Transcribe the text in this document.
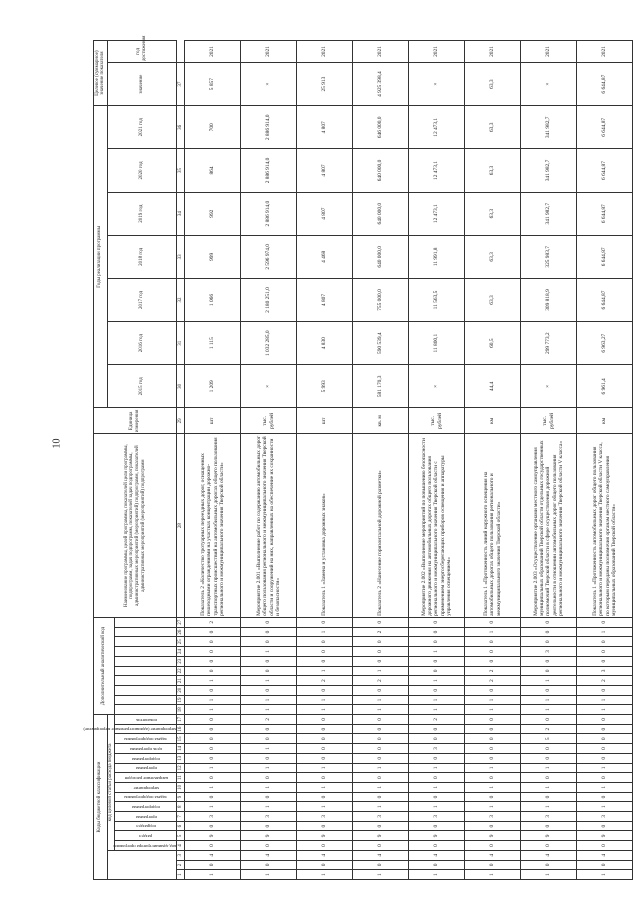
10
Коды бюджетной классификации																	Дополнительный аналитический код										Наименование программы, целей программы, показателей цели программы, подпрограмм, задач подпрограмм, показателей задач подпрограммы, административных мероприятий (мероприятий) подпрограмм, показателей административных мероприятий (мероприятий) подпрограмм	Единица измерения	Годы реализации программы							Целевое (суммарное) значение показателя	
			код целевой статьи расхода бюджета																										2015 год	2016 год	2017 год	2018 год	2019 год	2020 год	2021 год	значение	год достижения

			код администратора программы	раздел	подраздел	программа	подпрограмма	задача подпрограммы	мероприятие	направление расходов	программа	подпрограмма	цель программы	задача подпрограммы	мероприятие (административное мероприятие)	показатель																					

1	2	3	4	5	6	7	8	9	10	11	12	13	14	15	16	17	18	19	20	21	22	23	24	25	26	27	28	29	30	31	32	33	34	35	36	37	
1	0	4	0	9	0	3	1	0	1	0	1	0	0	0	0	0	1	1	0	1	0	0	0	0	0	2	Показатель 2 «Количество тротуарных переездных дорог, оснащенных пешеходными ограждениями на участках концентрации дорожно-транспортных происшествий на автомобильных дорогах общего пользования регионального и межмуниципального значения Тверской области»	шт	1 209	1 115	1 066	999	992	864	700	5 857	2021
1	0	4	0	9	0	3	1	0	1	0	1	0	1	0	0	2	1	1	0	1	0	0	1	0	0	0	Мероприятие 2.001 «Выполнение работ по содержанию автомобильных дорог общего пользования регионального и межмуниципального значения Тверской области и сооружений на них, направленных на обеспечение их сохранности и безопасности»	тыс. рублей	×	1 032 285,0	2 180 251,0	2 596 974,0	2 886 914,0	2 886 914,0	2 886 914,0	×	2021
1	0	4	0	9	0	3	1	0	1	0	1	0	0	0	0	0	1	1	0	2	1	0	0	0	1	0	Показатель 1 «Замена и установка дорожных знаков»	шт	5 993	4 830	4 807	4 468	4 807	4 807	4 807	25 913	2021
1	0	4	0	9	0	3	1	0	1	0	1	0	0	0	0	0	1	1	0	2	1	0	0	0	2	0	Показатель 2 «Нанесение горизонтальной дорожной разметки»	кв. м	581 170,3	590 539,4	755 000,0	640 000,0	640 000,0	640 000,0	646 000,0	4 925 398,4	2021
1	0	4	0	9	0	3	1	0	1	0	1	0	3	0	0	2	1	1	0	1	0	0	1	0	0	0	Мероприятие 2.002 «Выполнение мероприятий по повышению безопасности дорожного движения на автомобильных дорогах общего пользования регионального и межмуниципального значения Тверской области с применением энергосберегающих приборов освещения и аппаратуры управления освещением»	тыс. рублей	×	11 800,1	11 563,5	11 991,8	12 473,1	12 473,1	12 473,1	×	2021
1	0	4	0	9	0	3	1	0	1	0	1	0	0	0	0	0	1	1	0	2	2	0	0	0	1	0	Показатель 1 «Протяженность линий наружного освещения на автомобильных дорогах общего пользования регионального и межмуниципального значения Тверской области»	км	44,4	60,5	63,3	63,3	63,3	63,3	63,3	63,3	2021
1	0	4	0	9	0	3	1	0	1	0	1	0	0	5	2	0	1	1	0	1	0	0	3	0	0	0	Мероприятие 2.003 «Осуществление органами местного самоуправления муниципальных образований Тверской области отдельных государственных полномочий Тверской области в сфере осуществления дорожной деятельности в отношении автомобильных дорог общего пользования регионального и межмуниципального значения Тверской области V класса»	тыс. рублей	×	299 773,2	309 818,9	325 983,7	341 982,7	341 982,7	341 982,7	×	2021
1	0	4	0	9	0	3	1	0	1	0	1	0	0	0	0	0	1	1	0	2	3	0	0	0	1	0	Показатель 1 «Протяженность автомобильных дорог общего пользования регионального и межмуниципального значения Тверской области V класса, по которым переданы полномочия органам местного самоуправления муниципальных образований Тверской области»	км	6 961,4	6 963,27	6 644,87	6 644,87	6 644,87	6 644,87	6 644,87	6 644,87	2021
